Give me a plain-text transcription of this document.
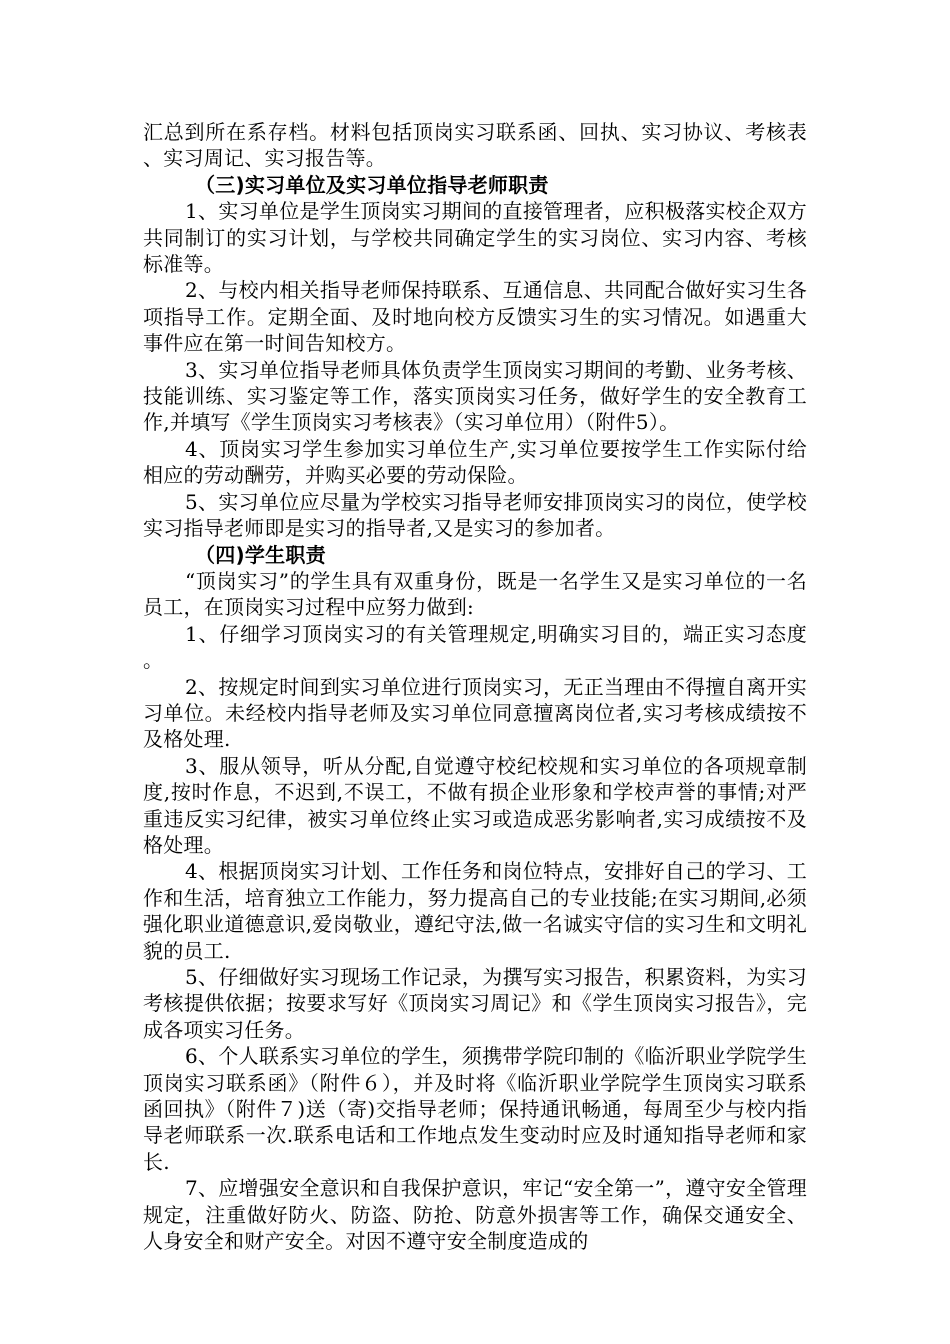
汇总到所在系存档。材料包括顶岗实习联系函、回执、实习协议、考核表、实习周记、实习报告等。

（三)实习单位及实习单位指导老师职责

1、实习单位是学生顶岗实习期间的直接管理者，应积极落实校企双方共同制订的实习计划，与学校共同确定学生的实习岗位、实习内容、考核标准等。

2、与校内相关指导老师保持联系、互通信息、共同配合做好实习生各项指导工作。定期全面、及时地向校方反馈实习生的实习情况。如遇重大事件应在第一时间告知校方。

3、实习单位指导老师具体负责学生顶岗实习期间的考勤、业务考核、技能训练、实习鉴定等工作，落实顶岗实习任务，做好学生的安全教育工作,并填写《学生顶岗实习考核表》（实习单位用）（附件5）。

4、顶岗实习学生参加实习单位生产,实习单位要按学生工作实际付给相应的劳动酬劳，并购买必要的劳动保险。

5、实习单位应尽量为学校实习指导老师安排顶岗实习的岗位，使学校实习指导老师即是实习的指导者,又是实习的参加者。

（四)学生职责

“顶岗实习”的学生具有双重身份，既是一名学生又是实习单位的一名员工，在顶岗实习过程中应努力做到:

1、仔细学习顶岗实习的有关管理规定,明确实习目的，端正实习态度。

2、按规定时间到实习单位进行顶岗实习，无正当理由不得擅自离开实习单位。未经校内指导老师及实习单位同意擅离岗位者,实习考核成绩按不及格处理.

3、服从领导，听从分配,自觉遵守校纪校规和实习单位的各项规章制度,按时作息，不迟到,不误工，不做有损企业形象和学校声誉的事情;对严重违反实习纪律，被实习单位终止实习或造成恶劣影响者,实习成绩按不及格处理。

4、根据顶岗实习计划、工作任务和岗位特点，安排好自己的学习、工作和生活，培育独立工作能力，努力提高自己的专业技能;在实习期间,必须强化职业道德意识,爱岗敬业，遵纪守法,做一名诚实守信的实习生和文明礼貌的员工.

5、仔细做好实习现场工作记录，为撰写实习报告，积累资料，为实习考核提供依据；按要求写好《顶岗实习周记》和《学生顶岗实习报告》，完成各项实习任务。

6、个人联系实习单位的学生，须携带学院印制的《临沂职业学院学生顶岗实习联系函》（附件６），并及时将《临沂职业学院学生顶岗实习联系函回执》（附件７)送（寄)交指导老师；保持通讯畅通，每周至少与校内指导老师联系一次.联系电话和工作地点发生变动时应及时通知指导老师和家长.

7、应增强安全意识和自我保护意识，牢记“安全第一”，遵守安全管理规定，注重做好防火、防盗、防抢、防意外损害等工作，确保交通安全、人身安全和财产安全。对因不遵守安全制度造成的
